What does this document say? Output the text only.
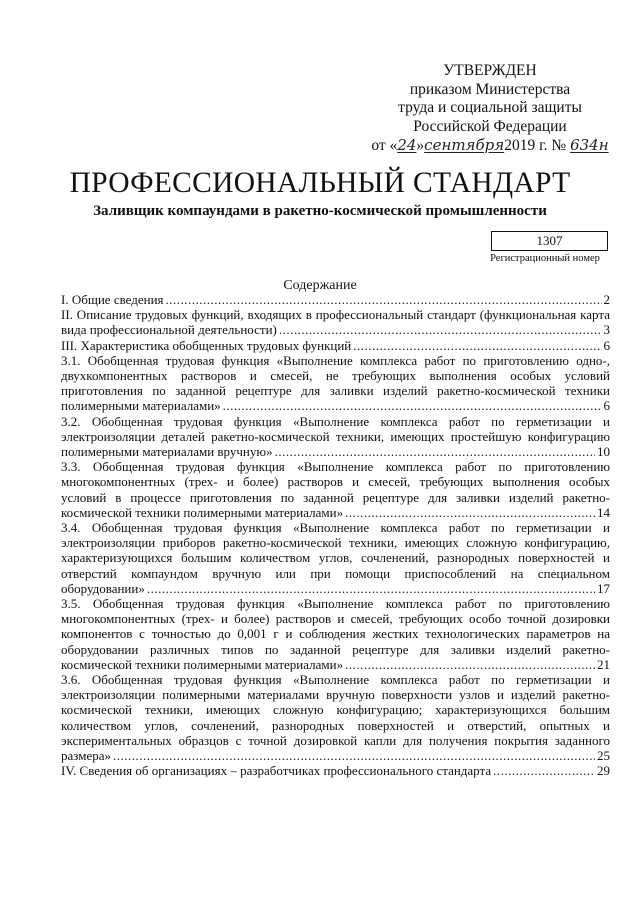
УТВЕРЖДЕН
приказом Министерства
труда и социальной защиты
Российской Федерации
от «24»сентября2019 г. № 634н
ПРОФЕССИОНАЛЬНЫЙ СТАНДАРТ
Заливщик компаундами в ракетно-космической промышленности
1307
Регистрационный номер
Содержание
I. Общие сведения .....	2
II. Описание трудовых функций, входящих в профессиональный стандарт (функциональная карта
вида профессиональной деятельности) .....	3
III. Характеристика обобщенных трудовых функций .....	6
3.1. Обобщенная трудовая функция «Выполнение комплекса работ по приготовлению одно-,
двухкомпонентных растворов и смесей, не требующих выполнения особых условий
приготовления по заданной рецептуре для заливки изделий ракетно-космической техники
полимерными материалами» .....	6
3.2. Обобщенная трудовая функция «Выполнение комплекса работ по герметизации и
электроизоляции деталей ракетно-космической техники, имеющих простейшую конфигурацию
полимерными материалами вручную» .....	10
3.3. Обобщенная трудовая функция «Выполнение комплекса работ по приготовлению
многокомпонентных (трех- и более) растворов и смесей, требующих выполнения особых
условий в процессе приготовления по заданной рецептуре для заливки изделий ракетно-
космической техники полимерными материалами» .....	14
3.4. Обобщенная трудовая функция «Выполнение комплекса работ по герметизации и
электроизоляции приборов ракетно-космической техники, имеющих сложную конфигурацию,
характеризующихся большим количеством углов, сочленений, разнородных поверхностей и
отверстий компаундом вручную или при помощи приспособлений на специальном
оборудовании» .....	17
3.5. Обобщенная трудовая функция «Выполнение комплекса работ по приготовлению
многокомпонентных (трех- и более) растворов и смесей, требующих особо точной дозировки
компонентов с точностью до 0,001 г и соблюдения жестких технологических параметров на
оборудовании различных типов по заданной рецептуре для заливки изделий ракетно-
космической техники полимерными материалами» .....	21
3.6. Обобщенная трудовая функция «Выполнение комплекса работ по герметизации и
электроизоляции полимерными материалами вручную поверхности узлов и изделий ракетно-
космической техники, имеющих сложную конфигурацию; характеризующихся большим
количеством углов, сочленений, разнородных поверхностей и отверстий, опытных и
экспериментальных образцов с точной дозировкой капли для получения покрытия заданного
размера» .....	25
IV. Сведения об организациях – разработчиках профессионального стандарта .....	29
